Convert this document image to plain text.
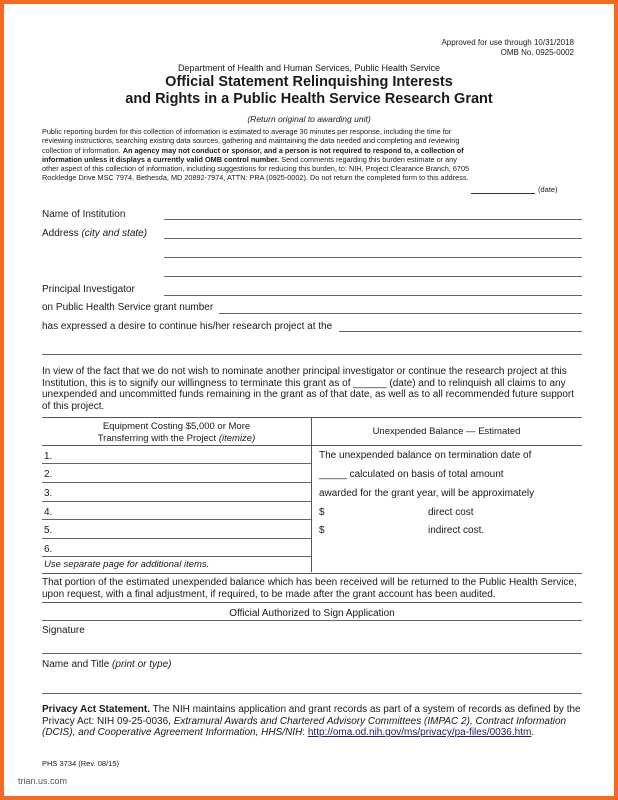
Approved for use through 10/31/2018
OMB No. 0925-0002
Department of Health and Human Services, Public Health Service
Official Statement Relinquishing Interests
and Rights in a Public Health Service Research Grant
(Return original to awarding unit)
Public reporting burden for this collection of information is estimated to average 30 minutes per response, including the time for reviewing instructions, searching existing data sources, gathering and maintaining the data needed and completing and reviewing collection of information. An agency may not conduct or sponsor, and a person is not required to respond to, a collection of information unless it displays a currently valid OMB control number. Send comments regarding this burden estimate or any other aspect of this collection of information, including suggestions for reducing this burden, to: NIH, Project Clearance Branch, 6705 Rockledge Drive MSC 7974, Bethesda, MD 20892-7974, ATTN: PRA (0925-0002). Do not return the completed form to this address.
(date)
Name of Institution
Address (city and state)
Principal Investigator
on Public Health Service grant number
has expressed a desire to continue his/her research project at the
In view of the fact that we do not wish to nominate another principal investigator or continue the research project at this Institution, this is to signify our willingness to terminate this grant as of ______ (date) and to relinquish all claims to any unexpended and uncommitted funds remaining in the grant as of that date, as well as to all recommended future support of this project.
Equipment Costing $5,000 or More
Transferring with the Project (itemize)
Unexpended Balance — Estimated
1.
2.
3.
4.
5.
6.
Use separate page for additional items.
The unexpended balance on termination date of
_____ calculated on basis of total amount
awarded for the grant year, will be approximately
$	direct cost
$	indirect cost.
That portion of the estimated unexpended balance which has been received will be returned to the Public Health Service, upon request, with a final adjustment, if required, to be made after the grant account has been audited.
Official Authorized to Sign Application
Signature
Name and Title (print or type)
Privacy Act Statement. The NIH maintains application and grant records as part of a system of records as defined by the Privacy Act: NIH 09-25-0036, Extramural Awards and Chartered Advisory Committees (IMPAC 2), Contract Information (DCIS), and Cooperative Agreement Information, HHS/NIH: http://oma.od.nih.gov/ms/privacy/pa-files/0036.htm.
PHS 3734 (Rev. 08/15)
trian.us.com
